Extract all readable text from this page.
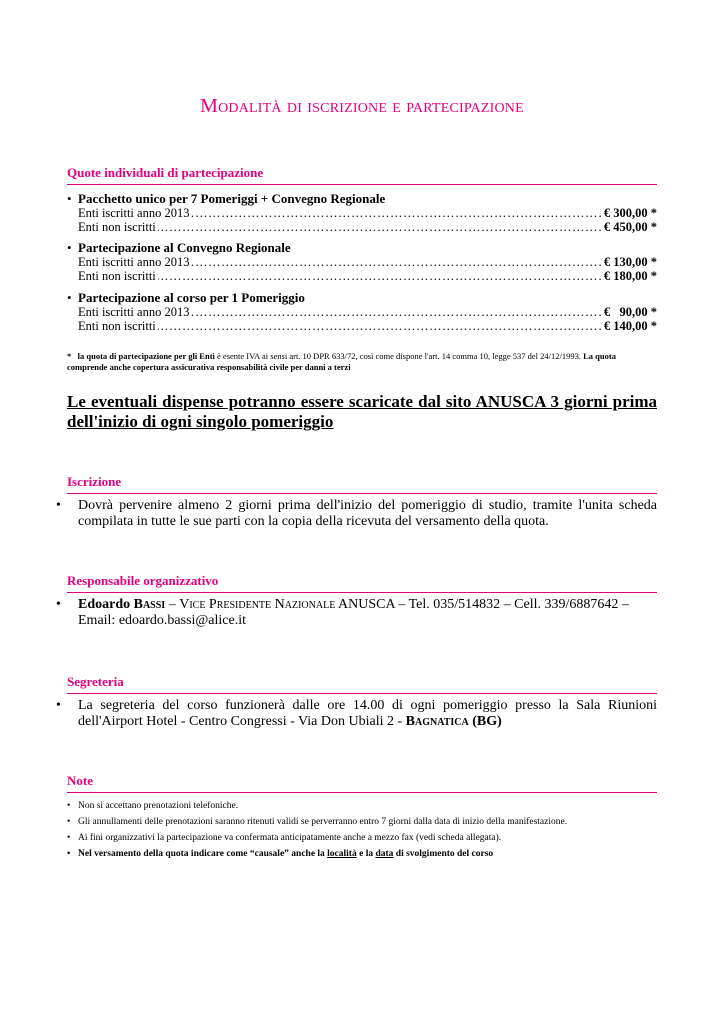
Modalità di iscrizione e partecipazione
Quote individuali di partecipazione
• Pacchetto unico per 7 Pomeriggi + Convegno Regionale
………………………………………………………………………………………………………………………………………………
Enti iscritti anno 2013	€ 300,00 *
………………………………………………………………………………………………………………………………………………
Enti non iscritti	€ 450,00 *
• Partecipazione al Convegno Regionale
………………………………………………………………………………………………………………………………………………
Enti iscritti anno 2013	€ 130,00 *
………………………………………………………………………………………………………………………………………………
Enti non iscritti	€ 180,00 *
• Partecipazione al corso per 1 Pomeriggio
………………………………………………………………………………………………………………………………………………
Enti iscritti anno 2013	€   90,00 *
………………………………………………………………………………………………………………………………………………
Enti non iscritti	€ 140,00 *
* la quota di partecipazione per gli Enti è esente IVA ai sensi art. 10 DPR 633/72, così come dispone l'art. 14 comma 10, legge 537 del 24/12/1993. La quota comprende anche copertura assicurativa responsabilità civile per danni a terzi
Le eventuali dispense potranno essere scaricate dal sito ANUSCA 3 giorni prima dell'inizio di ogni singolo pomeriggio
Iscrizione
• Dovrà pervenire almeno 2 giorni prima dell'inizio del pomeriggio di studio, tramite l'unita scheda compilata in tutte le sue parti con la copia della ricevuta del versamento della quota.
Responsabile organizzativo
• Edoardo Bassi – Vice Presidente Nazionale ANUSCA – Tel. 035/514832 – Cell. 339/6887642 –
Email: edoardo.bassi@alice.it
Segreteria
• La segreteria del corso funzionerà dalle ore 14.00 di ogni pomeriggio presso la Sala Riunioni dell'Airport Hotel - Centro Congressi - Via Don Ubiali 2 - Bagnatica (BG)
Note
• Non si accettano prenotazioni telefoniche.
• Gli annullamenti delle prenotazioni saranno ritenuti validi se perverranno entro 7 giorni dalla data di inizio della manifestazione.
• Ai fini organizzativi la partecipazione va confermata anticipatamente anche a mezzo fax (vedi scheda allegata).
• Nel versamento della quota indicare come “causale” anche la località e la data di svolgimento del corso
